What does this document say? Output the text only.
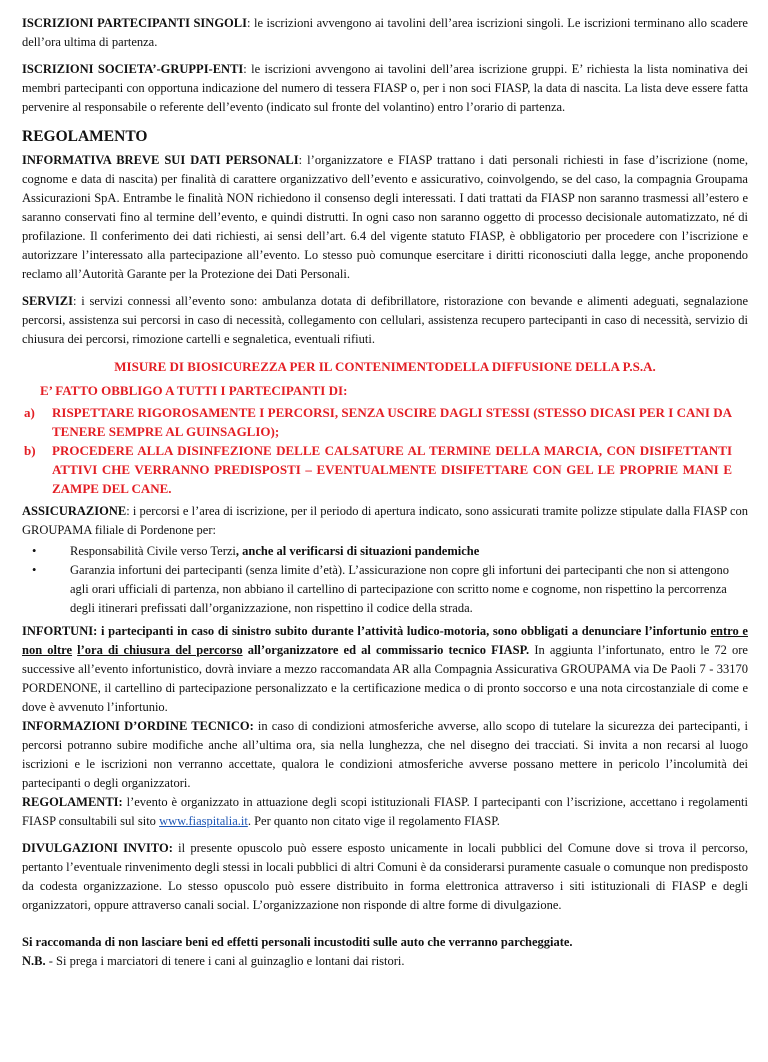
ISCRIZIONI PARTECIPANTI SINGOLI: le iscrizioni avvengono ai tavolini dell’area iscrizioni singoli. Le iscrizioni terminano allo scadere dell’ora ultima di partenza.

ISCRIZIONI SOCIETA’-GRUPPI-ENTI: le iscrizioni avvengono ai tavolini dell’area iscrizione gruppi. E’ richiesta la lista nominativa dei membri partecipanti con opportuna indicazione del numero di tessera FIASP o, per i non soci FIASP, la data di nascita. La lista deve essere fatta pervenire al responsabile o referente dell’evento (indicato sul fronte del volantino) entro l’orario di partenza.

REGOLAMENTO

INFORMATIVA BREVE SUI DATI PERSONALI: l’organizzatore e FIASP trattano i dati personali richiesti in fase d’iscrizione (nome, cognome e data di nascita) per finalità di carattere organizzativo dell’evento e assicurativo, coinvolgendo, se del caso, la compagnia Groupama Assicurazioni SpA. Entrambe le finalità NON richiedono il consenso degli interessati. I dati trattati da FIASP non saranno trasmessi all’estero e saranno conservati fino al termine dell’evento, e quindi distrutti. In ogni caso non saranno oggetto di processo decisionale automatizzato, né di profilazione. Il conferimento dei dati richiesti, ai sensi dell’art. 6.4 del vigente statuto FIASP, è obbligatorio per procedere con l’iscrizione e autorizzare l’interessato alla partecipazione all’evento. Lo stesso può comunque esercitare i diritti riconosciuti dalla legge, anche proponendo reclamo all’Autorità Garante per la Protezione dei Dati Personali.

SERVIZI: i servizi connessi all’evento sono: ambulanza dotata di defibrillatore, ristorazione con bevande e alimenti adeguati, segnalazione percorsi, assistenza sui percorsi in caso di necessità, collegamento con cellulari, assistenza recupero partecipanti in caso di necessità, servizio di chiusura dei percorsi, rimozione cartelli e segnaletica, eventuali rifiuti.

MISURE DI BIOSICUREZZA PER IL CONTENIMENTODELLA DIFFUSIONE DELLA P.S.A.

E’ FATTO OBBLIGO A TUTTI I PARTECIPANTI DI:

a)	RISPETTARE RIGOROSAMENTE I PERCORSI, SENZA USCIRE DAGLI STESSI (STESSO DICASI PER I CANI DA TENERE SEMPRE AL GUINSAGLIO);
b)	PROCEDERE ALLA DISINFEZIONE DELLE CALSATURE AL TERMINE DELLA MARCIA, CON DISIFETTANTI ATTIVI CHE VERRANNO PREDISPOSTI – EVENTUALMENTE DISIFETTARE CON GEL LE PROPRIE MANI E ZAMPE DEL CANE.

ASSICURAZIONE: i percorsi e l’area di iscrizione, per il periodo di apertura indicato, sono assicurati tramite polizze stipulate dalla FIASP con GROUPAMA filiale di Pordenone per:

•	Responsabilità Civile verso Terzi, anche al verificarsi di situazioni pandemiche
•	Garanzia infortuni dei partecipanti (senza limite d’età). L’assicurazione non copre gli infortuni dei partecipanti che non si attengono agli orari ufficiali di partenza, non abbiano il cartellino di partecipazione con scritto nome e cognome, non rispettino la percorrenza degli itinerari prefissati dall’organizzazione, non rispettino il codice della strada.

INFORTUNI: i partecipanti in caso di sinistro subito durante l’attività ludico-motoria, sono obbligati a denunciare l’infortunio entro e non oltre l’ora di chiusura del percorso all’organizzatore ed al commissario tecnico FIASP. In aggiunta l’infortunato, entro le 72 ore successive all’evento infortunistico, dovrà inviare a mezzo raccomandata AR alla Compagnia Assicurativa GROUPAMA via De Paoli 7 - 33170 PORDENONE, il cartellino di partecipazione personalizzato e la certificazione medica o di pronto soccorso e una nota circostanziale di come e dove è avvenuto l’infortunio.

INFORMAZIONI D’ORDINE TECNICO: in caso di condizioni atmosferiche avverse, allo scopo di tutelare la sicurezza dei partecipanti, i percorsi potranno subire modifiche anche all’ultima ora, sia nella lunghezza, che nel disegno dei tracciati. Si invita a non recarsi al luogo iscrizioni e le iscrizioni non verranno accettate, qualora le condizioni atmosferiche avverse possano mettere in pericolo l’incolumità dei partecipanti o degli organizzatori.

REGOLAMENTI: l’evento è organizzato in attuazione degli scopi istituzionali FIASP. I partecipanti con l’iscrizione, accettano i regolamenti FIASP consultabili sul sito www.fiaspitalia.it. Per quanto non citato vige il regolamento FIASP.

DIVULGAZIONI INVITO: il presente opuscolo può essere esposto unicamente in locali pubblici del Comune dove si trova il percorso, pertanto l’eventuale rinvenimento degli stessi in locali pubblici di altri Comuni è da considerarsi puramente casuale o comunque non predisposto da codesta organizzazione. Lo stesso opuscolo può essere distribuito in forma elettronica attraverso i siti istituzionali di FIASP e degli organizzatori, oppure attraverso canali social. L’organizzazione non risponde di altre forme di divulgazione.

Si raccomanda di non lasciare beni ed effetti personali incustoditi sulle auto che verranno parcheggiate.

N.B. - Si prega i marciatori di tenere i cani al guinzaglio e lontani dai ristori.
